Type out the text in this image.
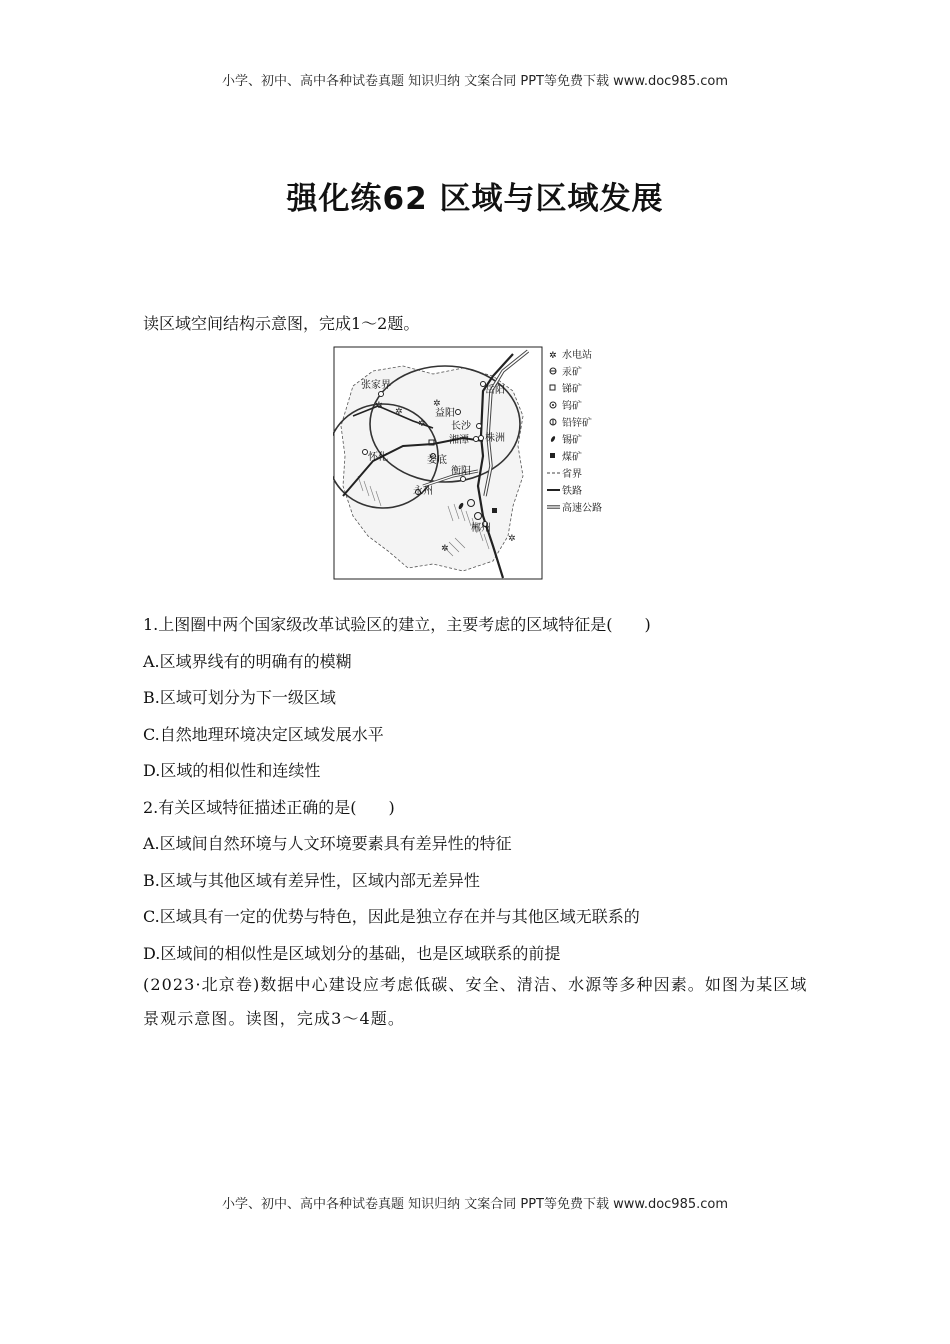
小学、初中、高中各种试卷真题 知识归纳 文案合同 PPT等免费下载 www.doc985.com
强化练62 区域与区域发展
读区域空间结构示意图，完成1～2题。
✲
✲
✲
✲
✲
✲
张家界	岳阳
益阳
长沙
湘潭 株洲
怀化	娄底
衡阳
永州
郴州
✲ 水电站
汞矿
锑矿
钨矿
铅锌矿
锡矿
煤矿
省界
铁路
高速公路
1.上图圈中两个国家级改革试验区的建立，主要考虑的区域特征是(　　)
A.区域界线有的明确有的模糊
B.区域可划分为下一级区域
C.自然地理环境决定区域发展水平
D.区域的相似性和连续性
2.有关区域特征描述正确的是(　　)
A.区域间自然环境与人文环境要素具有差异性的特征
B.区域与其他区域有差异性，区域内部无差异性
C.区域具有一定的优势与特色，因此是独立存在并与其他区域无联系的
D.区域间的相似性是区域划分的基础，也是区域联系的前提
(2023·北京卷)数据中心建设应考虑低碳、安全、清洁、水源等多种因素。如图为某区域景观示意图。读图，完成3～4题。
小学、初中、高中各种试卷真题 知识归纳 文案合同 PPT等免费下载 www.doc985.com
